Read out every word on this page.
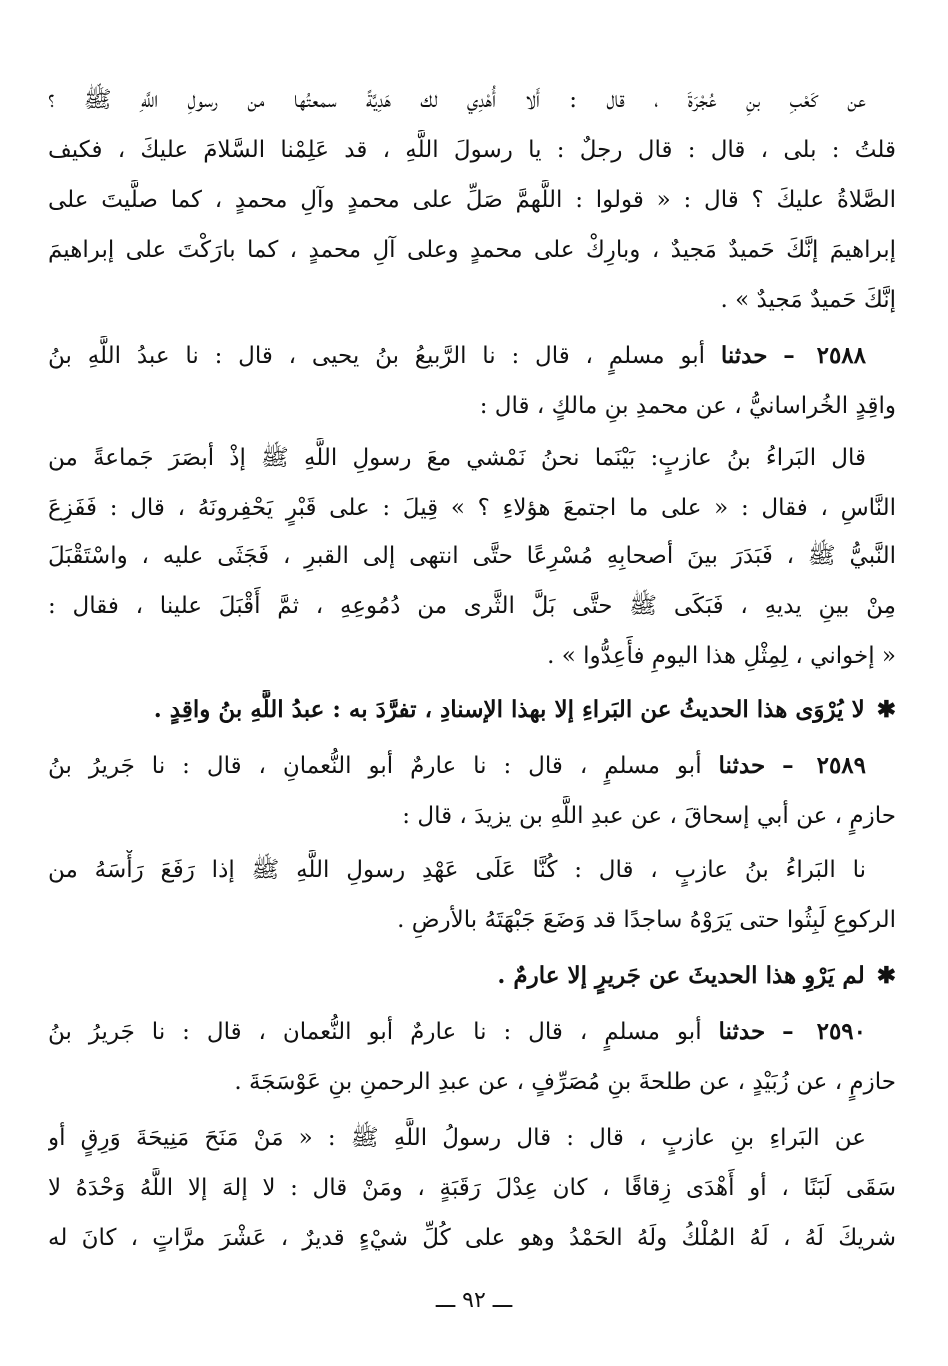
عن كَعْبِ بنِ عُجْرَةَ ، قال : أَلا أُهْدِي لك هَدِيَّةً سمعتُها من رسولِ اللَّهِ ﷺ ؟
قلتُ : بلى ، قال : قال رجلٌ : يا رسولَ اللَّهِ ، قد عَلِمْنا السَّلامَ عليكَ ، فكيف
الصَّلاةُ عليكَ ؟ قال : « قولوا : اللَّهمَّ صَلِّ على محمدٍ وآلِ محمدٍ ، كما صلَّيتَ على
إبراهيمَ إنَّكَ حَميدٌ مَجيدٌ ، وبارِكْ على محمدٍ وعلى آلِ محمدٍ ، كما بارَكْتَ على إبراهيمَ
إنَّكَ حَميدٌ مَجيدٌ » .
٢٥٨٨ – حدثنا أبو مسلمٍ ، قال : نا الرَّبيعُ بنُ يحيى ، قال : نا عبدُ اللَّهِ بنُ
واقِدٍ الخُراسانيُّ ، عن محمدِ بنِ مالكٍ ، قال :
قال البَراءُ بنُ عازبٍ: بَيْنَما نحنُ نَمْشي معَ رسولِ اللَّهِ ﷺ إذْ أبصَرَ جَماعةً من
النَّاسِ ، فقال : « على ما اجتمعَ هؤلاءِ ؟ » قِيلَ : على قَبْرٍ يَحْفِرونَهُ ، قال : فَفَزِعَ
النَّبيُّ ﷺ ، فَبَدَرَ بينَ أصحابِهِ مُسْرِعًا حتَّى انتهى إلى القبرِ ، فَجَثَى عليه ، واسْتَقْبَلَ
مِنْ بينِ يديهِ ، فَبَكَى ﷺ حتَّى بَلَّ الثَّرى من دُمُوعِهِ ، ثمَّ أَقْبَلَ علينا ، فقال :
« إخواني ، لِمِثْلِ هذا اليومِ فأَعِدُّوا » .
✱ لا يُرْوَى هذا الحديثُ عن البَراءِ إلا بهذا الإسنادِ ، تفرَّدَ به : عبدُ اللَّهِ بنُ واقِدٍ .
٢٥٨٩ – حدثنا أبو مسلمٍ ، قال : نا عارمٌ أبو النُّعمانِ ، قال : نا جَريرُ بنُ
حازمٍ ، عن أبي إسحاقَ ، عن عبدِ اللَّهِ بن يزيدَ ، قال :
نا البَراءُ بنُ عازبٍ ، قال : كُنَّا عَلَى عَهْدِ رسولِ اللَّهِ ﷺ إذا رَفَعَ رَأْسَهُ من
الركوعِ لَبِثُوا حتى يَرَوْهُ ساجدًا قد وَضَعَ جَبْهَتَهُ بالأرضِ .
✱ لم يَرْوِ هذا الحديثَ عن جَريرٍ إلا عارمٌ .
٢٥٩٠ – حدثنا أبو مسلمٍ ، قال : نا عارمٌ أبو النُّعمان ، قال : نا جَريرُ بنُ
حازمٍ ، عن زُبَيْدٍ ، عن طلحةَ بنِ مُصَرِّفٍ ، عن عبدِ الرحمنِ بنِ عَوْسَجَةَ .
عن البَراءِ بنِ عازبٍ ، قال : قال رسولُ اللَّهِ ﷺ : « مَنْ مَنَحَ مَنِيحَةَ وَرِقٍ أو
سَقَى لَبَنًا ، أو أَهْدَى زِقاقًا ، كان عِدْلَ رَقَبَةٍ ، ومَنْ قال : لا إلهَ إلا اللَّهُ وَحْدَهُ لا
شريكَ لَهُ ، لَهُ المُلْكُ ولَهُ الحَمْدُ وهو على كُلِّ شيْءٍ قديرٌ ، عَشْرَ مرَّاتٍ ، كانَ له
ـــ ٩٢ ـــ
